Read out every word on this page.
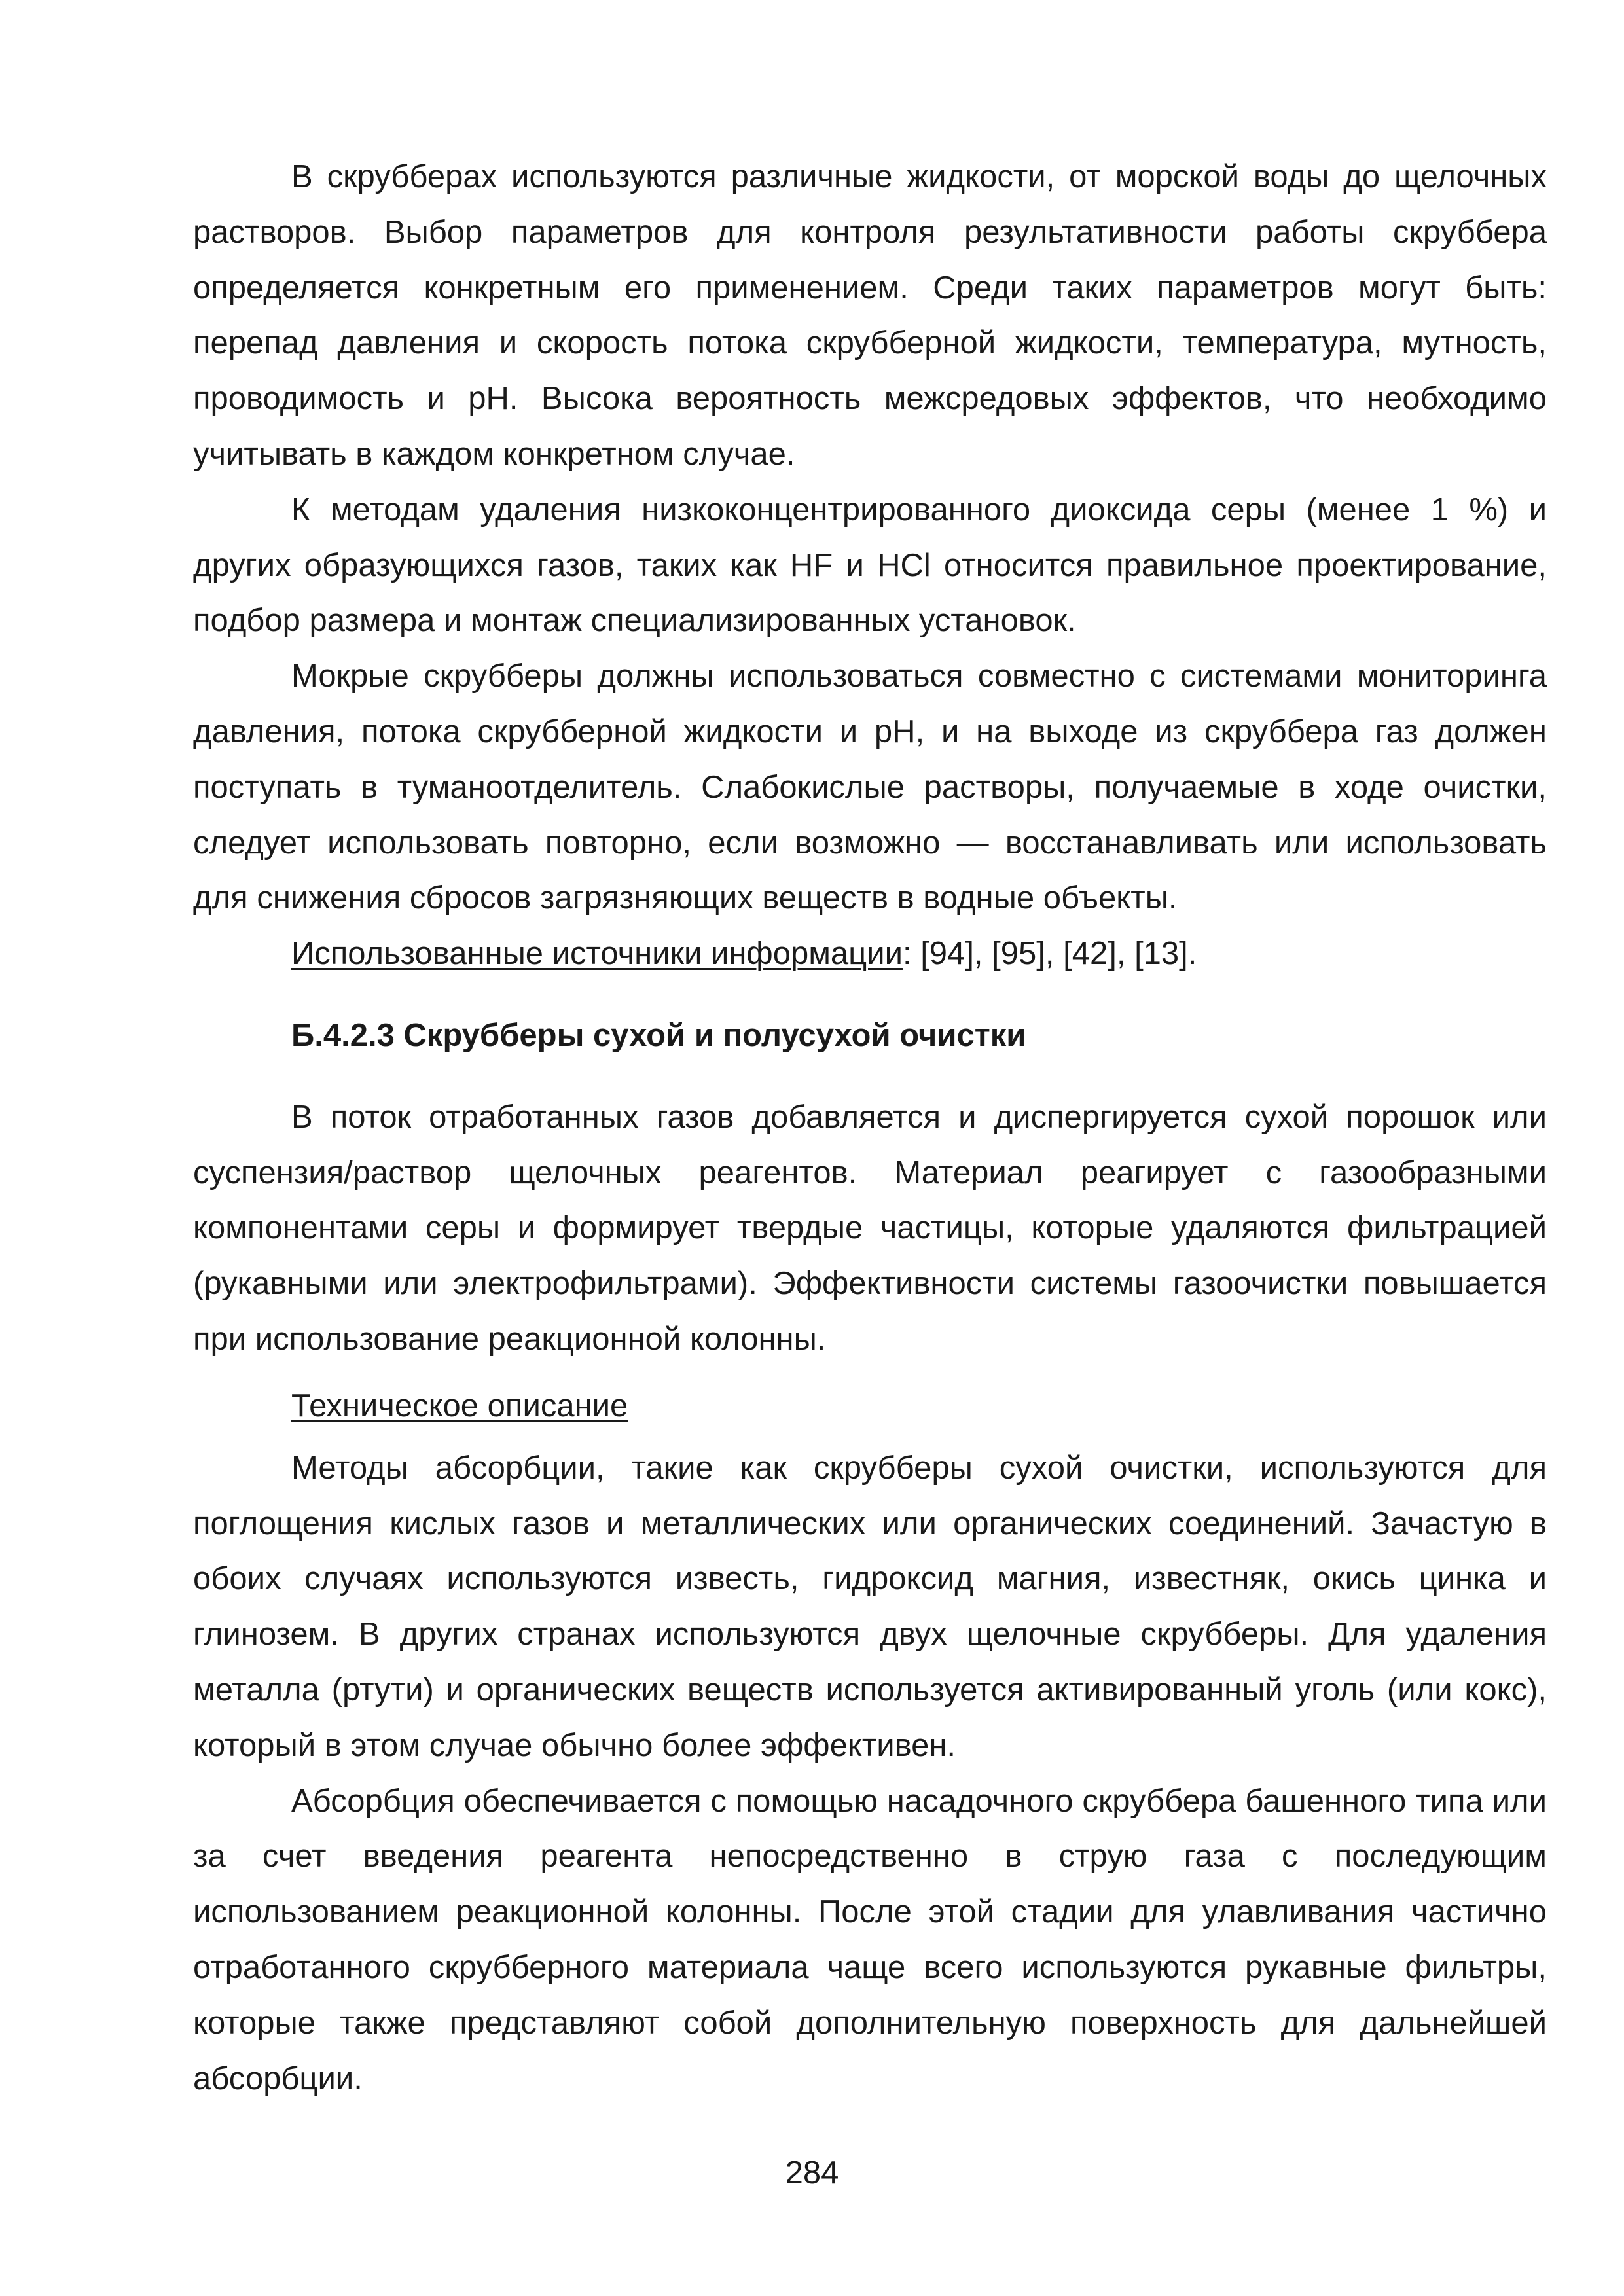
В скрубберах используются различные жидкости, от морской воды до щелочных растворов. Выбор параметров для контроля результативности работы скруббера определяется конкретным его применением. Среди таких параметров могут быть: перепад давления и скорость потока скрубберной жидкости, температура, мутность, проводимость и pH. Высока вероятность межсредовых эффектов, что необходимо учитывать в каждом конкретном случае.

К методам удаления низкоконцентрированного диоксида серы (менее 1 %) и других образующихся газов, таких как HF и HCl относится правильное проектирование, подбор размера и монтаж специализированных установок.

Мокрые скрубберы должны использоваться совместно с системами мониторинга давления, потока скрубберной жидкости и pH, и на выходе из скруббера газ должен поступать в туманоотделитель. Слабокислые растворы, получаемые в ходе очистки, следует использовать повторно, если возможно — восстанавливать или использовать для снижения сбросов загрязняющих веществ в водные объекты.

Использованные источники информации: [94], [95], [42], [13].

Б.4.2.3 Скрубберы сухой и полусухой очистки

В поток отработанных газов добавляется и диспергируется сухой порошок или суспензия/раствор щелочных реагентов. Материал реагирует с газообразными компонентами серы и формирует твердые частицы, которые удаляются фильтрацией (рукавными или электрофильтрами). Эффективности системы газоочистки повышается при использование реакционной колонны.

Техническое описание

Методы абсорбции, такие как скрубберы сухой очистки, используются для поглощения кислых газов и металлических или органических соединений. Зачастую в обоих случаях используются известь, гидроксид магния, известняк, окись цинка и глинозем. В других странах используются двух щелочные скрубберы. Для удаления металла (ртути) и органических веществ используется активированный уголь (или кокс), который в этом случае обычно более эффективен.

Абсорбция обеспечивается с помощью насадочного скруббера башенного типа или за счет введения реагента непосредственно в струю газа с последующим использованием реакционной колонны. После этой стадии для улавливания частично отработанного скрубберного материала чаще всего используются рукавные фильтры, которые также представляют собой дополнительную поверхность для дальнейшей абсорбции.

284
